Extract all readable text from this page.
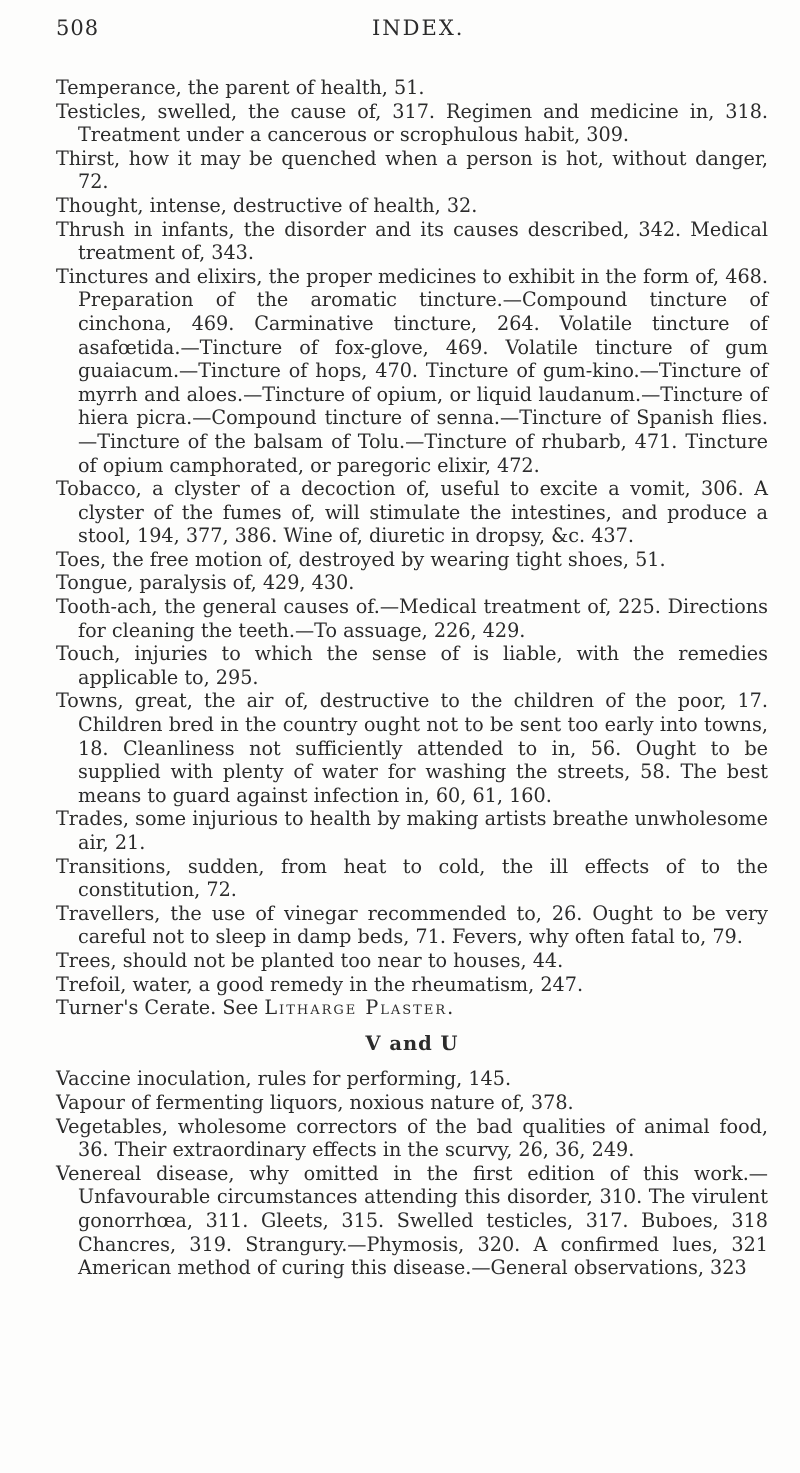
508	INDEX.

Temperance, the parent of health, 51.

Testicles, swelled, the cause of, 317. Regimen and medicine in, 318. Treatment under a cancerous or scrophulous habit, 309.

Thirst, how it may be quenched when a person is hot, without danger, 72.

Thought, intense, destructive of health, 32.

Thrush in infants, the disorder and its causes described, 342. Medical treatment of, 343.

Tinctures and elixirs, the proper medicines to exhibit in the form of, 468. Preparation of the aromatic tincture.—Compound tincture of cinchona, 469. Carminative tincture, 264. Volatile tincture of asafœtida.—Tincture of fox-glove, 469. Volatile tincture of gum guaiacum.—Tincture of hops, 470. Tincture of gum-kino.—Tincture of myrrh and aloes.—Tincture of opium, or liquid laudanum.—Tincture of hiera picra.—Compound tincture of senna.—Tincture of Spanish flies.—Tincture of the balsam of Tolu.—Tincture of rhubarb, 471. Tincture of opium camphorated, or paregoric elixir, 472.

Tobacco, a clyster of a decoction of, useful to excite a vomit, 306. A clyster of the fumes of, will stimulate the intestines, and produce a stool, 194, 377, 386. Wine of, diuretic in dropsy, &c. 437.

Toes, the free motion of, destroyed by wearing tight shoes, 51.

Tongue, paralysis of, 429, 430.

Tooth-ach, the general causes of.—Medical treatment of, 225. Directions for cleaning the teeth.—To assuage, 226, 429.

Touch, injuries to which the sense of is liable, with the remedies applicable to, 295.

Towns, great, the air of, destructive to the children of the poor, 17. Children bred in the country ought not to be sent too early into towns, 18. Cleanliness not sufficiently attended to in, 56. Ought to be supplied with plenty of water for washing the streets, 58. The best means to guard against infection in, 60, 61, 160.

Trades, some injurious to health by making artists breathe unwholesome air, 21.

Transitions, sudden, from heat to cold, the ill effects of to the constitution, 72.

Travellers, the use of vinegar recommended to, 26. Ought to be very careful not to sleep in damp beds, 71. Fevers, why often fatal to, 79.

Trees, should not be planted too near to houses, 44.

Trefoil, water, a good remedy in the rheumatism, 247.

Turner's Cerate. See Litharge Plaster.

V and U

Vaccine inoculation, rules for performing, 145.

Vapour of fermenting liquors, noxious nature of, 378.

Vegetables, wholesome correctors of the bad qualities of animal food, 36. Their extraordinary effects in the scurvy, 26, 36, 249.

Venereal disease, why omitted in the first edition of this work.—Unfavourable circumstances attending this disorder, 310. The virulent gonorrhœa, 311. Gleets, 315. Swelled testicles, 317. Buboes, 318 Chancres, 319. Strangury.—Phymosis, 320. A confirmed lues, 321 American method of curing this disease.—General observations, 323
